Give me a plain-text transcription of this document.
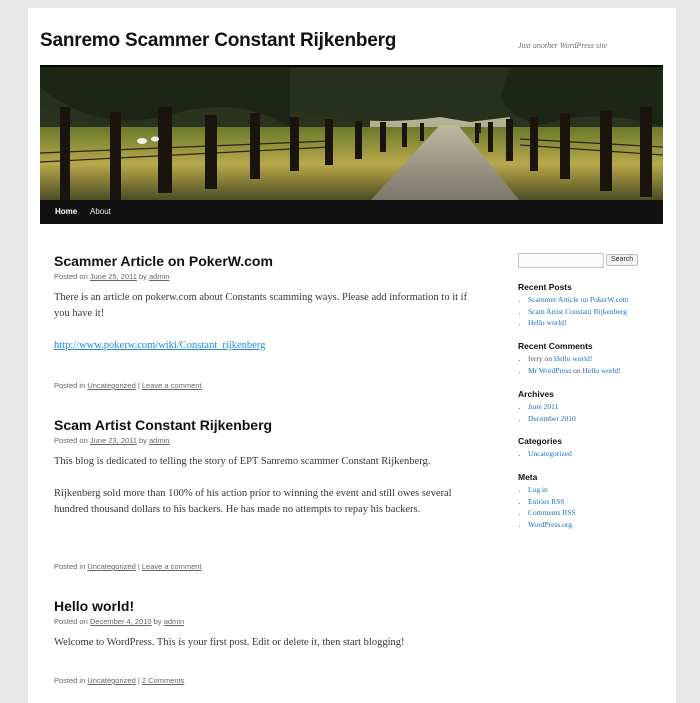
Sanremo Scammer Constant Rijkenberg	Just another WordPress site
Home About
Scammer Article on PokerW.com
Posted on June 25, 2011 by admin

There is an article on pokerw.com about Constants scamming ways. Please add information to it if you have it!

http://www.pokerw.com/wiki/Constant_rijkenberg

Posted in Uncategorized | Leave a comment
Scam Artist Constant Rijkenberg
Posted on June 23, 2011 by admin

This blog is dedicated to telling the story of EPT Sanremo scammer Constant Rijkenberg.

Rijkenberg sold more than 100% of his action prior to winning the event and still owes several hundred thousand dollars to his backers. He has made no attempts to repay his backers.

Posted in Uncategorized | Leave a comment
Hello world!
Posted on December 4, 2010 by admin

Welcome to WordPress. This is your first post. Edit or delete it, then start blogging!

Posted in Uncategorized | 2 Comments
Search
Recent Posts
▪ Scammer Article on PokerW.com
▪ Scam Artist Constant Rijkenberg
▪ Hello world!
Recent Comments
▪ ferry on Hello world!
▪ Mr WordPress on Hello world!
Archives
▪ June 2011
▪ December 2010
Categories
▪ Uncategorized
Meta
▪ Log in
▪ Entries RSS
▪ Comments RSS
▪ WordPress.org
